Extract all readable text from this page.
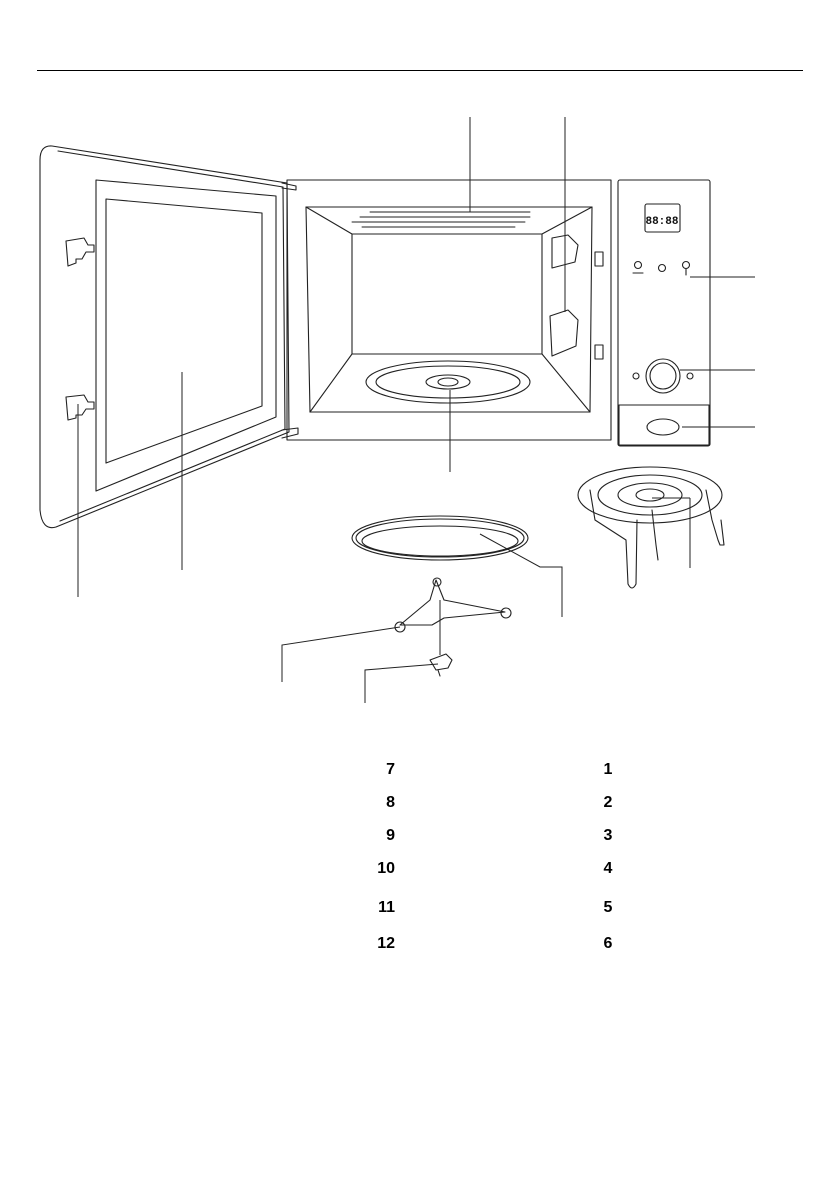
88:88
7
8
9
10
11
12
1
2
3
4
5
6
